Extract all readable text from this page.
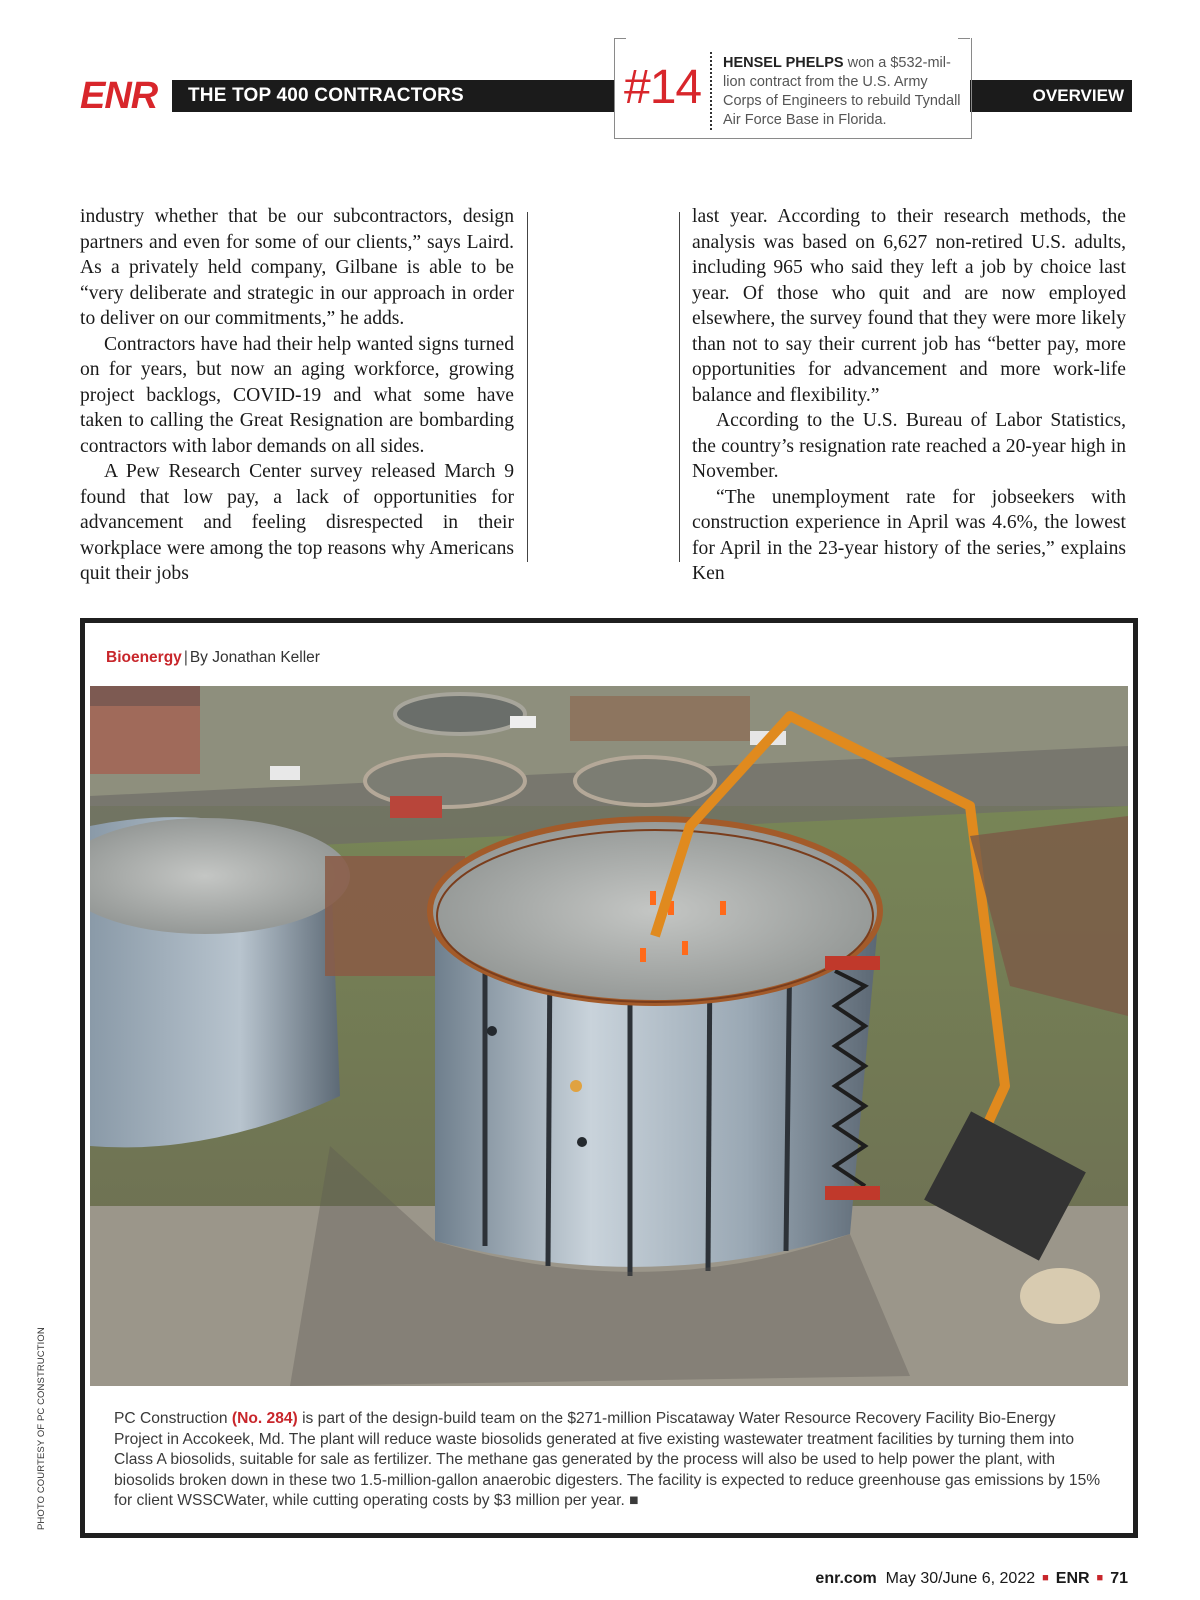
ENR	THE TOP 400 CONTRACTORS	OVERVIEW
#14 HENSEL PHELPS won a $532-mil-lion contract from the U.S. Army Corps of Engineers to rebuild Tyndall Air Force Base in Florida.

industry whether that be our subcontractors, design partners and even for some of our clients,” says Laird. As a privately held company, Gilbane is able to be “very deliberate and strategic in our approach in order to deliver on our commitments,” he adds.

Contractors have had their help wanted signs turned on for years, but now an aging workforce, growing project backlogs, COVID-19 and what some have taken to calling the Great Resignation are bombarding contractors with labor demands on all sides.

A Pew Research Center survey released March 9 found that low pay, a lack of opportunities for advancement and feeling disrespected in their workplace were among the top reasons why Americans quit their jobs

last year. According to their research methods, the analysis was based on 6,627 non-retired U.S. adults, including 965 who said they left a job by choice last year. Of those who quit and are now employed elsewhere, the survey found that they were more likely than not to say their current job has “better pay, more opportunities for advancement and more work-life balance and flexibility.”

According to the U.S. Bureau of Labor Statistics, the country’s resignation rate reached a 20-year high in November.

“The unemployment rate for jobseekers with construction experience in April was 4.6%, the lowest for April in the 23-year history of the series,” explains Ken

Bioenergy | By Jonathan Keller
PC Construction (No. 284) is part of the design-build team on the $271-million Piscataway Water Resource Recovery Facility Bio-Energy Project in Accokeek, Md. The plant will reduce waste biosolids generated at five existing wastewater treatment facilities by turning them into Class A biosolids, suitable for sale as fertilizer. The methane gas generated by the process will also be used to help power the plant, with biosolids broken down in these two 1.5-million-gallon anaerobic digesters. The facility is expected to reduce greenhouse gas emissions by 15% for client WSSCWater, while cutting operating costs by $3 million per year. ■
PHOTO COURTESY OF PC CONSTRUCTION
enr.com May 30/June 6, 2022 ■ ENR ■ 71
